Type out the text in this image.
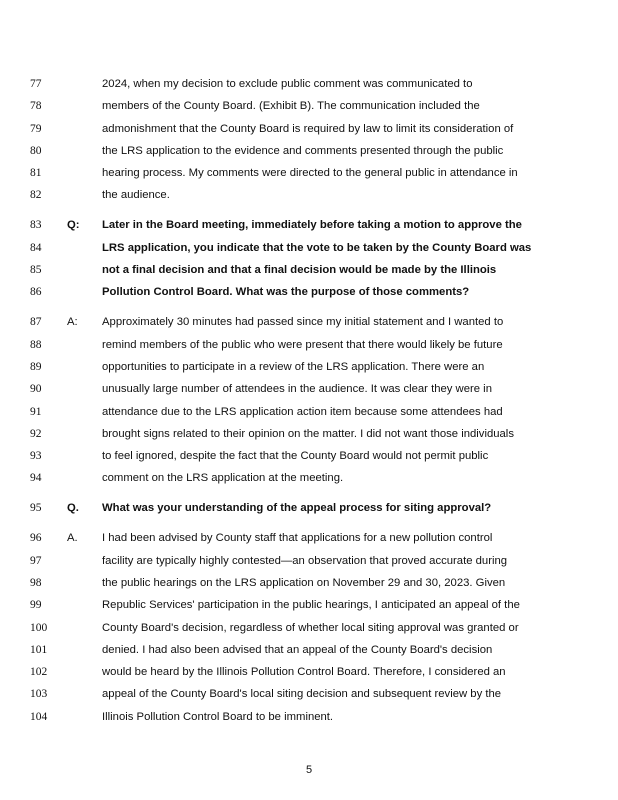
77	2024, when my decision to exclude public comment was communicated to
78	members of the County Board. (Exhibit B). The communication included the
79	admonishment that the County Board is required by law to limit its consideration of
80	the LRS application to the evidence and comments presented through the public
81	hearing process. My comments were directed to the general public in attendance in
82	the audience.
83	Q: Later in the Board meeting, immediately before taking a motion to approve the
84	LRS application, you indicate that the vote to be taken by the County Board was
85	not a final decision and that a final decision would be made by the Illinois
86	Pollution Control Board. What was the purpose of those comments?
87	A: Approximately 30 minutes had passed since my initial statement and I wanted to
88	remind members of the public who were present that there would likely be future
89	opportunities to participate in a review of the LRS application. There were an
90	unusually large number of attendees in the audience. It was clear they were in
91	attendance due to the LRS application action item because some attendees had
92	brought signs related to their opinion on the matter. I did not want those individuals
93	to feel ignored, despite the fact that the County Board would not permit public
94	comment on the LRS application at the meeting.
95	Q. What was your understanding of the appeal process for siting approval?
96	A. I had been advised by County staff that applications for a new pollution control
97	facility are typically highly contested—an observation that proved accurate during
98	the public hearings on the LRS application on November 29 and 30, 2023. Given
99	Republic Services' participation in the public hearings, I anticipated an appeal of the
100	County Board's decision, regardless of whether local siting approval was granted or
101	denied. I had also been advised that an appeal of the County Board's decision
102	would be heard by the Illinois Pollution Control Board. Therefore, I considered an
103	appeal of the County Board's local siting decision and subsequent review by the
104	Illinois Pollution Control Board to be imminent.
5
